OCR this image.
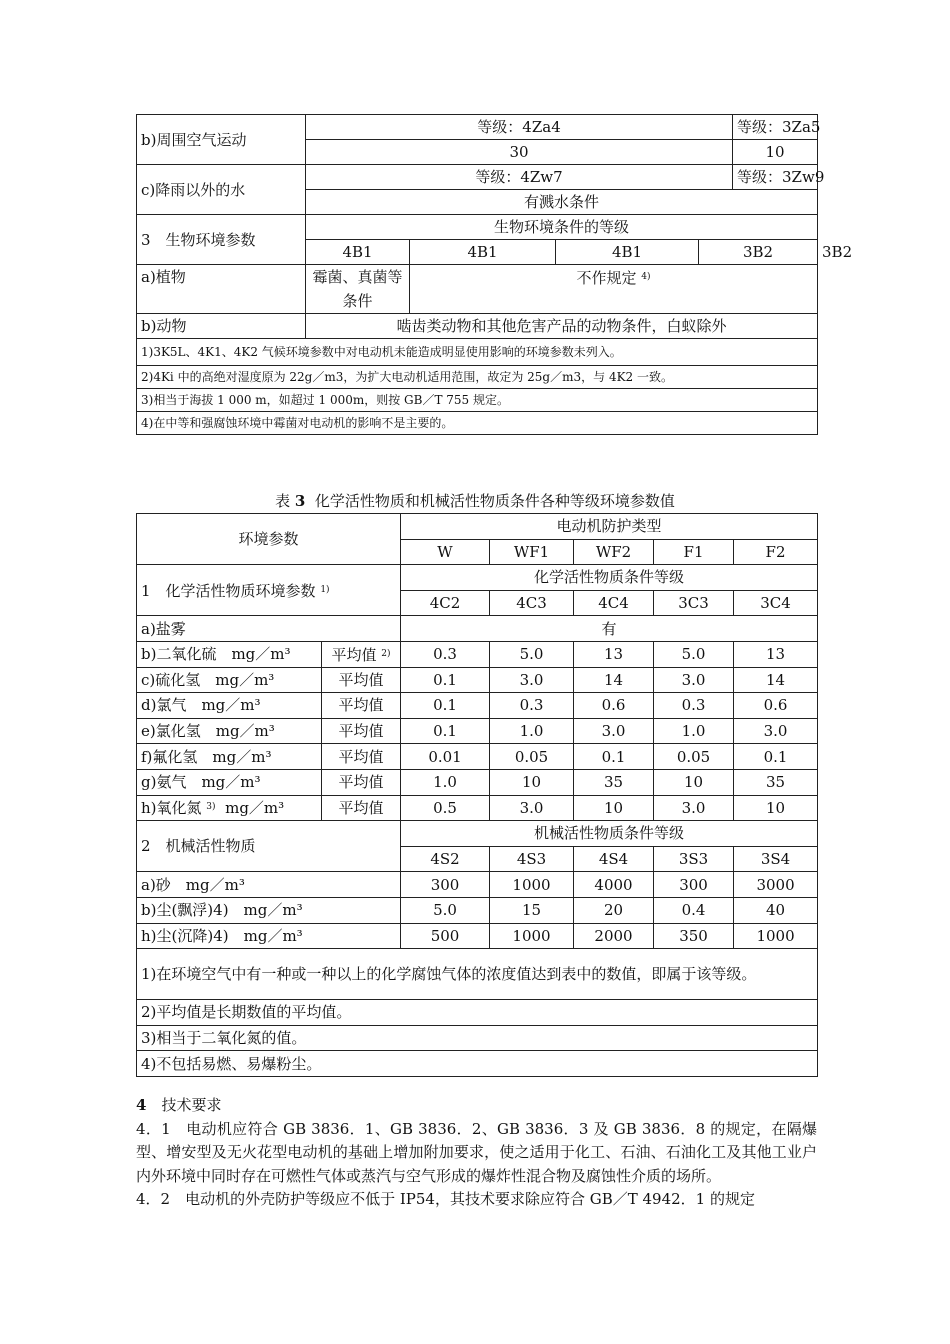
b)周围空气运动	等级：4Za4				等级：3Za5	
	30				10	
c)降雨以外的水	等级：4Zw7				等级：3Zw9	
	有溅水条件					
3　生物环境参数	生物环境条件的等级					
	4B1	4B1	4B1	3B2		3B2
a)植物	霉菌、真菌等条件	不作规定 $^{4)}$
b)动物	啮齿类动物和其他危害产品的动物条件，白蚁除外					
1)3K5L、4K1、4K2 气候环境参数中对电动机未能造成明显使用影响的环境参数未列入。						
2)4Ki 中的高绝对湿度原为 22g／m3，为扩大电动机适用范围，故定为 25g／m3，与 4K2 一致。						
3)相当于海拔 1 000 m，如超过 1 000m，则按 GB／T 755 规定。						
4)在中等和强腐蚀环境中霉菌对电动机的影响不是主要的。						
表 3 化学活性物质和机械活性物质条件各种等级环境参数值
环境参数		电动机防护类型				
		W	WF1	WF2	F1	F2
1　化学活性物质环境参数 $^{1)}$		化学活性物质条件等级				
		4C2	4C3	4C4	3C3	3C4
a)盐雾		有				
b)二氧化硫　mg／m³	平均值 $^{2)}$	0.3	5.0	13	5.0	13
c)硫化氢　mg／m³	平均值	0.1	3.0	14	3.0	14
d)氯气　mg／m³	平均值	0.1	0.3	0.6	0.3	0.6
e)氯化氢　mg／m³	平均值	0.1	1.0	3.0	1.0	3.0
f)氟化氢　mg／m³	平均值	0.01	0.05	0.1	0.05	0.1
g)氨气　mg／m³	平均值	1.0	10	35	10	35
h)氧化氮 $^{3)}$ mg／m³	平均值	0.5	3.0	10	3.0	10
2　机械活性物质		机械活性物质条件等级				
		4S2	4S3	4S4	3S3	3S4
a)砂　mg／m³		300	1000	4000	300	3000
b)尘(飘浮)4)　mg／m³		5.0	15	20	0.4	40
h)尘(沉降)4)　mg／m³		500	1000	2000	350	1000
1)在环境空气中有一种或一种以上的化学腐蚀气体的浓度值达到表中的数值，即属于该等级。						
2)平均值是长期数值的平均值。						
3)相当于二氧化氮的值。						
4)不包括易燃、易爆粉尘。						

4　 技术要求

4．1　电动机应符合 GB 3836．1、GB 3836．2、GB 3836．3 及 GB 3836．8 的规定，在隔爆型、增安型及无火花型电动机的基础上增加附加要求，使之适用于化工、石油、石油化工及其他工业户内外环境中同时存在可燃性气体或蒸汽与空气形成的爆炸性混合物及腐蚀性介质的场所。

4．2　电动机的外壳防护等级应不低于 IP54，其技术要求除应符合 GB／T 4942．1 的规定
